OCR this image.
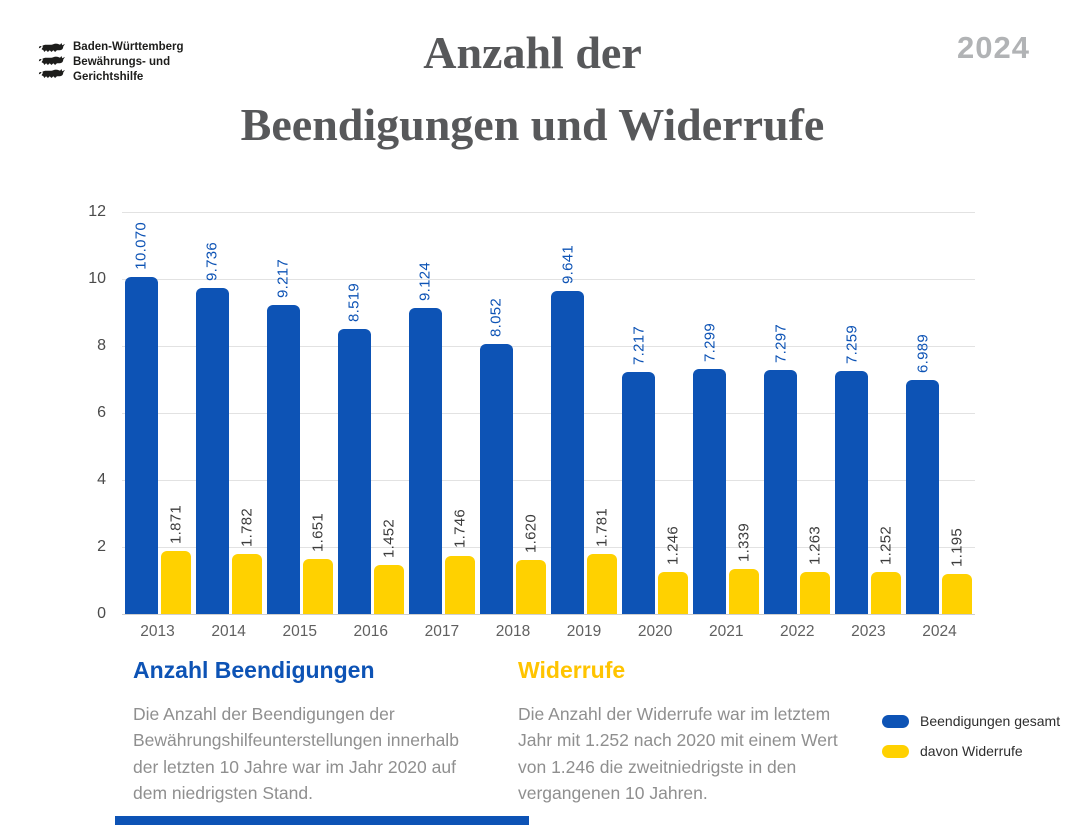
Baden-Württemberg
Bewährungs- und
Gerichtshilfe
2024
Anzahl der
Beendigungen und Widerrufe
0
2
4
6
8
10
12
10.070
1.871
2013
9.736
1.782
2014
9.217
1.651
2015
8.519
1.452
2016
9.124
1.746
2017
8.052
1.620
2018
9.641
1.781
2019
7.217
1.246
2020
7.299
1.339
2021
7.297
1.263
2022
7.259
1.252
2023
6.989
1.195
2024
Anzahl Beendigungen

Die Anzahl der Beendigungen der Bewährungshilfeunterstellungen innerhalb der letzten 10 Jahre war im Jahr 2020 auf dem niedrigsten Stand.

Widerrufe

Die Anzahl der Widerrufe war im letztem Jahr mit 1.252 nach 2020 mit einem Wert von 1.246 die zweitniedrigste in den vergangenen 10 Jahren.

Beendigungen gesamt
davon Widerrufe
